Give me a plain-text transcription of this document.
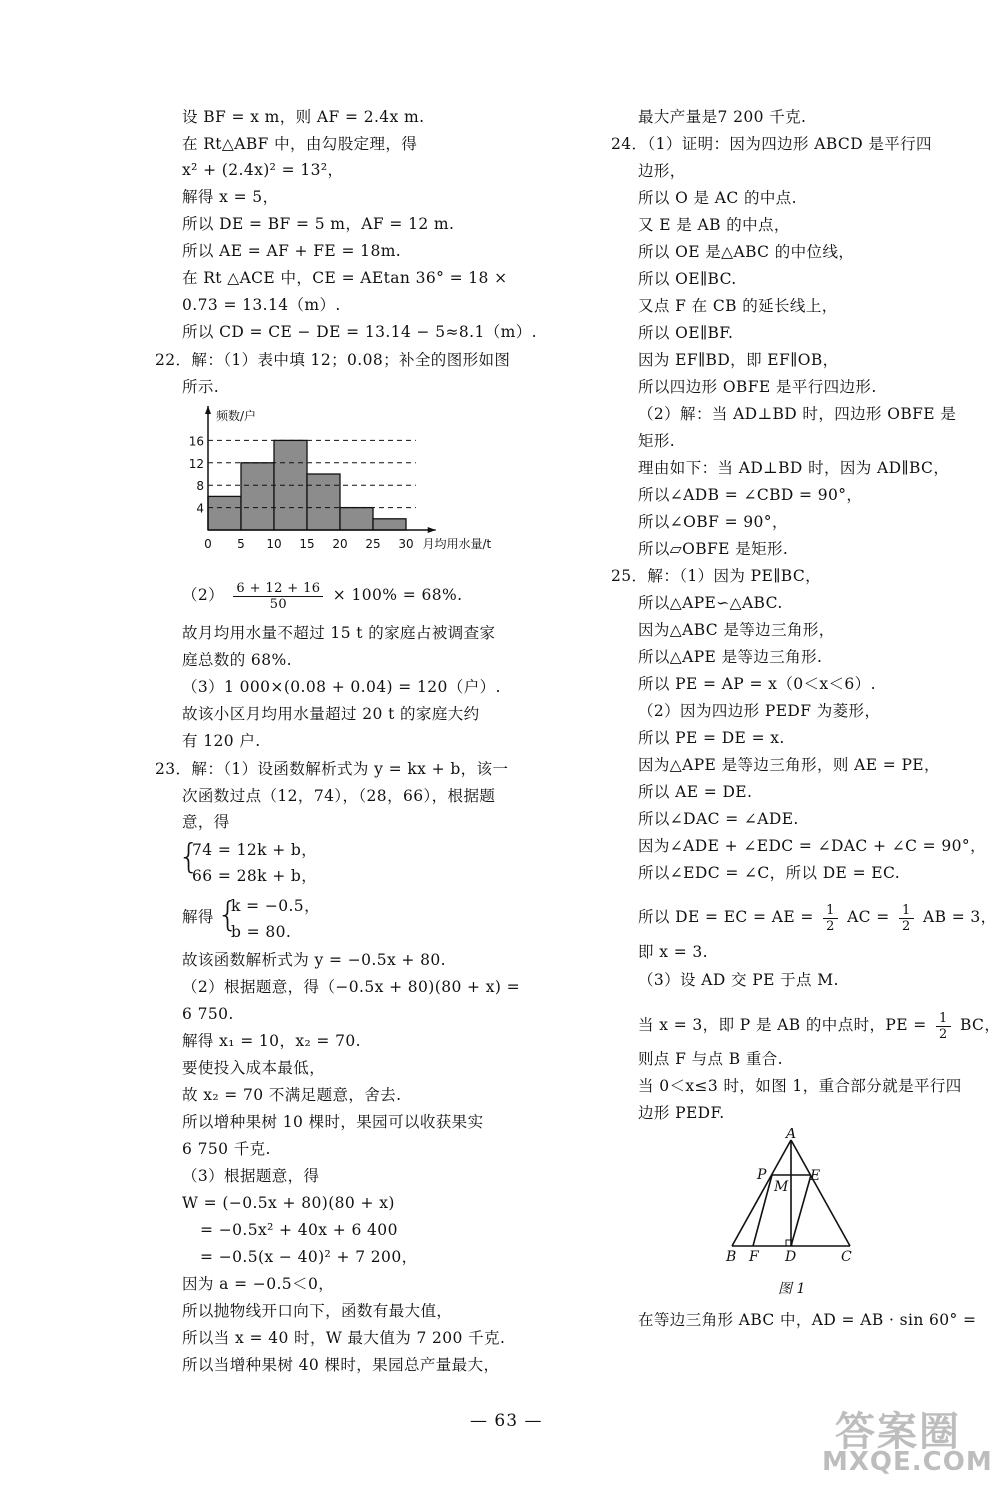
设 BF = x m，则 AF = 2.4x m.
在 Rt△ABF 中，由勾股定理，得
x² + (2.4x)² = 13²，
解得 x = 5，
所以 DE = BF = 5 m，AF = 12 m.
所以 AE = AF + FE = 18m.
在 Rt △ACE 中，CE = AEtan 36° = 18 ×
0.73 = 13.14（m）.
所以 CD = CE − DE = 13.14 − 5≈8.1（m）.
22．解：（1）表中填 12；0.08；补全的图形如图
所示.
4
8
12
16
0 5 10 15 20 25 30
频数/户
月均用水量/t
$(2) \frac{6 + 12 + 16}{50} \times 100\% = 68\%$.
故月均用水量不超过 15 t 的家庭占被调查家
庭总数的 68%.
（3）1 000×(0.08 + 0.04) = 120（户）.
故该小区月均用水量超过 20 t 的家庭大约
有 120 户.
23．解：（1）设函数解析式为 y = kx + b，该一
次函数过点（12，74），（28，66），根据题
意，得
{
74 = 12k + b，
66 = 28k + b，
解得 {
k = −0.5，
b = 80.
故该函数解析式为 y = −0.5x + 80.
（2）根据题意，得（−0.5x + 80)(80 + x) =
6 750.
解得 x₁ = 10，x₂ = 70.
要使投入成本最低，
故 x₂ = 70 不满足题意，舍去.
所以增种果树 10 棵时，果园可以收获果实
6 750 千克.
（3）根据题意，得
W = (−0.5x + 80)(80 + x)
= −0.5x² + 40x + 6 400
= −0.5(x − 40)² + 7 200，
因为 a = −0.5＜0，
所以抛物线开口向下，函数有最大值，
所以当 x = 40 时，W 最大值为 7 200 千克.
所以当增种果树 40 棵时，果园总产量最大，
最大产量是7 200 千克.
24．（1）证明：因为四边形 ABCD 是平行四
边形，
所以 O 是 AC 的中点.
又 E 是 AB 的中点，
所以 OE 是△ABC 的中位线，
所以 OE∥BC.
又点 F 在 CB 的延长线上，
所以 OE∥BF.
因为 EF∥BD，即 EF∥OB，
所以四边形 OBFE 是平行四边形.
（2）解：当 AD⊥BD 时，四边形 OBFE 是
矩形.
理由如下：当 AD⊥BD 时，因为 AD∥BC，
所以∠ADB = ∠CBD = 90°，
所以∠OBF = 90°，
所以▱OBFE 是矩形.
25．解：（1）因为 PE∥BC，
所以△APE∽△ABC.
因为△ABC 是等边三角形，
所以△APE 是等边三角形.
所以 PE = AP = x（0＜x＜6）.
（2）因为四边形 PEDF 为菱形，
所以 PE = DE = x.
因为△APE 是等边三角形，则 AE = PE，
所以 AE = DE.
所以∠DAC = ∠ADE.
因为∠ADE + ∠EDC = ∠DAC + ∠C = 90°，
所以∠EDC = ∠C，所以 DE = EC.
所以 DE = EC = AE = $\frac{1}{2}$ AC = $\frac{1}{2}$ AB = 3，
即 x = 3.
（3）设 AD 交 PE 于点 M.
当 x = 3，即 P 是 AB 的中点时，PE = $\frac{1}{2}$ BC，
则点 F 与点 B 重合.
当 0＜x≤3 时，如图 1，重合部分就是平行四
边形 PEDF.
A
P	E
M
B F D	C
图 1
在等边三角形 ABC 中，AD = AB · sin 60° =
— 63 —	答案圈
MXQE.COM
